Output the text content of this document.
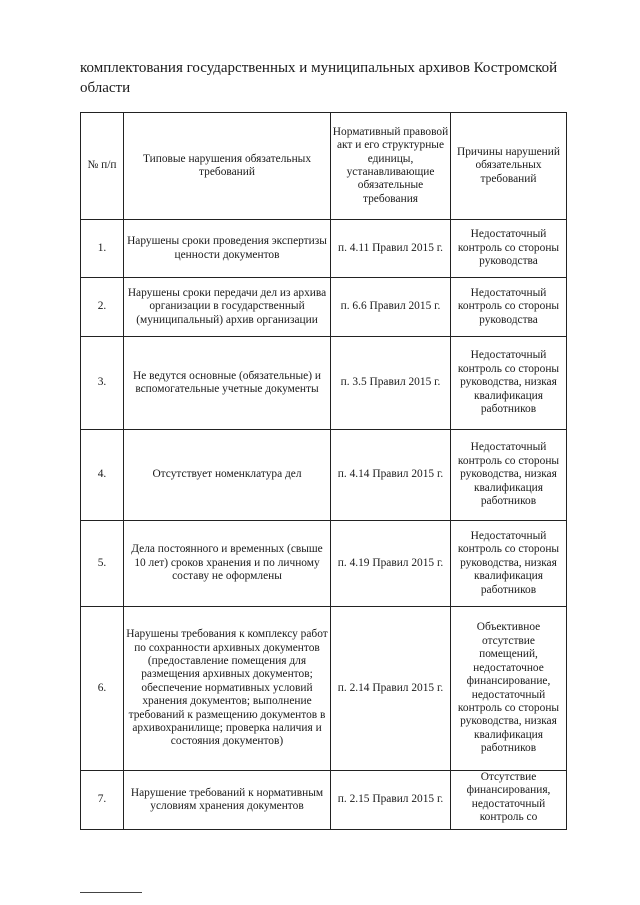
комплектования государственных и муниципальных архивов Костромской области

№ п/п	Типовые нарушения обязательных требований	Нормативный правовой акт и его структурные единицы, устанавливающие обязательные требования	Причины нарушений обязательных требований
1.	Нарушены сроки проведения экспертизы ценности документов	п. 4.11 Правил 2015 г.	Недостаточный контроль со стороны руководства
2.	Нарушены сроки передачи дел из архива организации в государственный (муниципальный) архив организации	п. 6.6 Правил 2015 г.	Недостаточный контроль со стороны руководства
3.	Не ведутся основные (обязательные) и вспомогательные учетные документы	п. 3.5 Правил 2015 г.	Недостаточный контроль со стороны руководства, низкая квалификация работников
4.	Отсутствует номенклатура дел	п. 4.14 Правил 2015 г.	Недостаточный контроль со стороны руководства, низкая квалификация работников
5.	Дела постоянного и временных (свыше 10 лет) сроков хранения и по личному составу не оформлены	п. 4.19 Правил 2015 г.	Недостаточный контроль со стороны руководства, низкая квалификация работников
6.	Нарушены требования к комплексу работ по сохранности архивных документов (предоставление помещения для размещения архивных документов; обеспечение нормативных условий хранения документов; выполнение требований к размещению документов в архивохранилище; проверка наличия и состояния документов)	п. 2.14 Правил 2015 г.	Объективное отсутствие помещений, недостаточное финансирование, недостаточный контроль со стороны руководства, низкая квалификация работников
7.	Нарушение требований к нормативным условиям хранения документов	п. 2.15 Правил 2015 г.	Отсутствие финансирования, недостаточный контроль со
